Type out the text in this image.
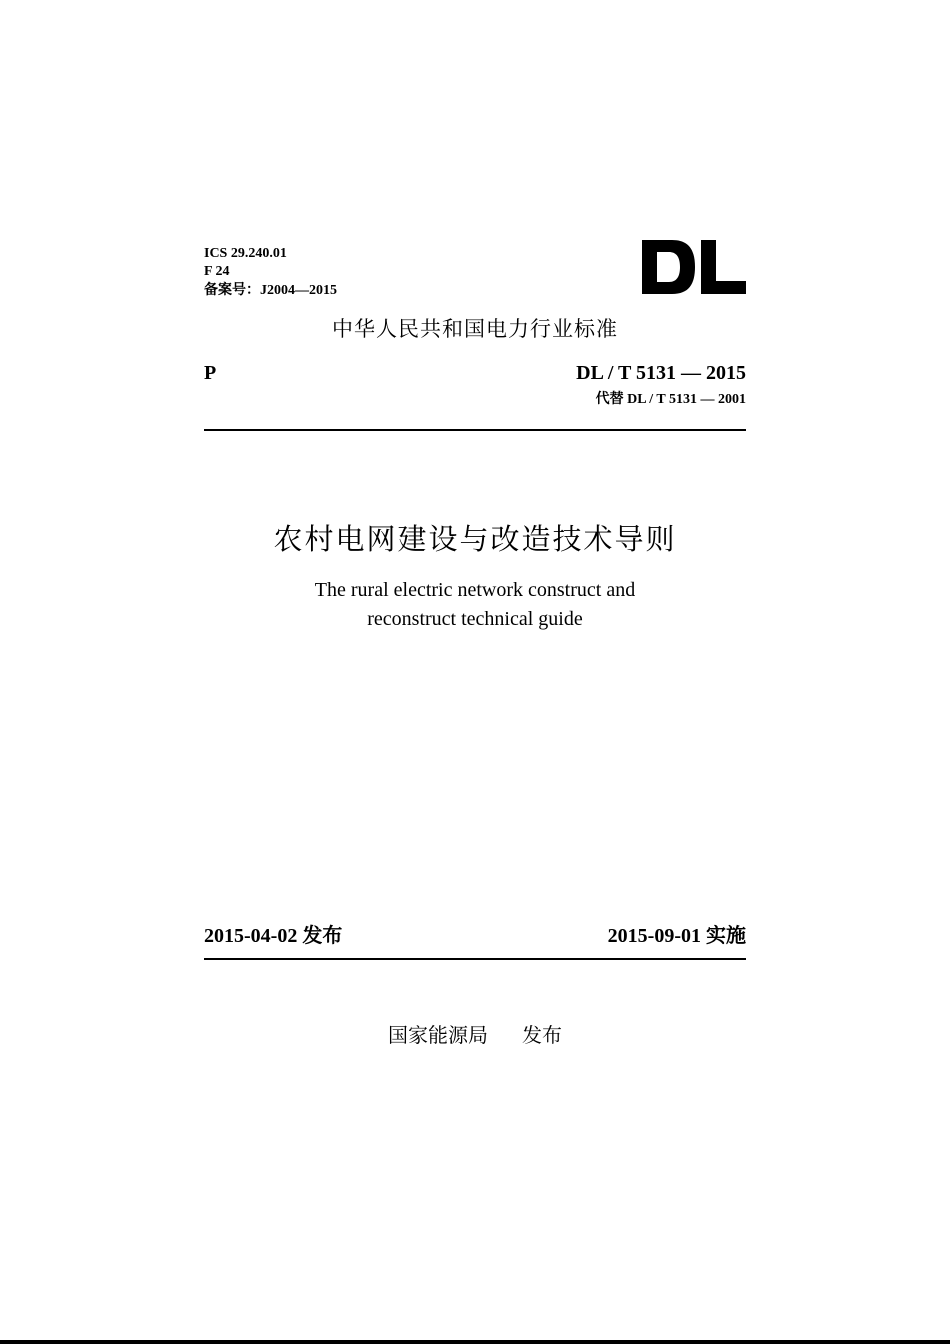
ICS 29.240.01
F 24
备案号：J2004—2015
中华人民共和国电力行业标准
P	DL / T 5131 — 2015
代替 DL / T 5131 — 2001
农村电网建设与改造技术导则
The rural electric network construct and
reconstruct technical guide
2015-04-02 发布	2015-09-01 实施
国家能源局 发布
